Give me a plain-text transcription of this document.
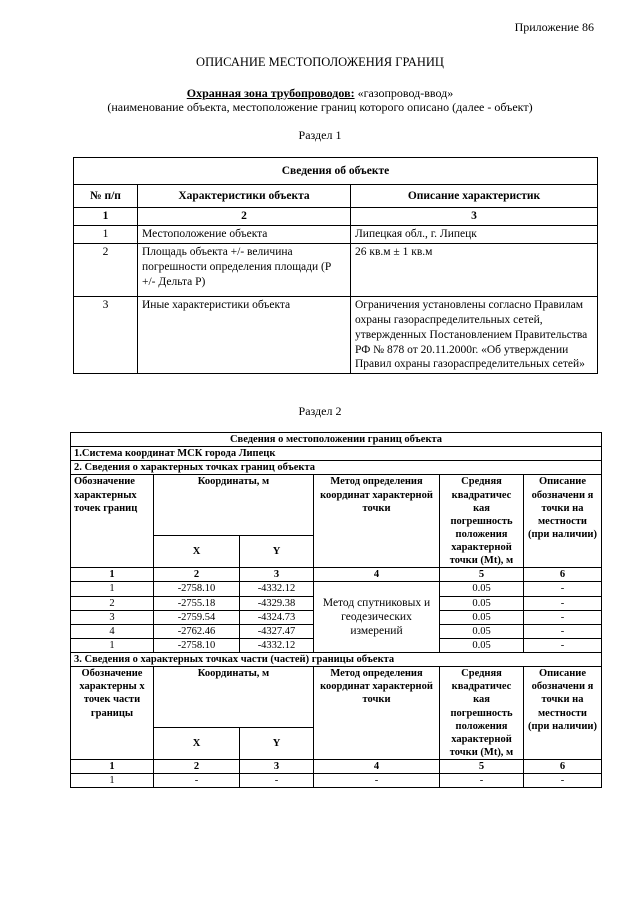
Приложение 86
ОПИСАНИЕ МЕСТОПОЛОЖЕНИЯ ГРАНИЦ
Охранная зона трубопроводов: «газопровод-ввод»
(наименование объекта, местоположение границ которого описано (далее - объект)
Раздел 1
Сведения об объекте		
№ п/п	Характеристики объекта	Описание характеристик
1	2	3
1	Местоположение объекта	Липецкая обл., г. Липецк
2	Площадь объекта +/- величина погрешности определения площади (P +/- Дельта P)	26 кв.м ± 1 кв.м
3	Иные характеристики объекта	Ограничения установлены согласно Правилам охраны газораспределительных сетей, утвержденных Постановлением Правительства РФ № 878 от 20.11.2000г. «Об утверждении Правил охраны газораспределительных сетей»
Раздел 2
Сведения о местоположении границ объекта					
1.Система координат МСК города Липецк					
2. Сведения о характерных точках границ объекта					
Обозначение характерных точек границ	Координаты, м		Метод определения координат характерной точки	Средняя квадратичес кая погрешность положения характерной точки (Mt), м	Описание обозначени я точки на местности (при наличии)
	X	Y			
1	2	3	4	5	6
1	-2758.10	-4332.12	Метод спутниковых и геодезических измерений	0.05	-
2	-2755.18	-4329.38		0.05	-
3	-2759.54	-4324.73		0.05	-
4	-2762.46	-4327.47		0.05	-
1	-2758.10	-4332.12		0.05	-
3. Сведения о характерных точках части (частей) границы объекта					
Обозначение характерны х точек части границы	Координаты, м		Метод определения координат характерной точки	Средняя квадратичес кая погрешность положения характерной точки (Mt), м	Описание обозначени я точки на местности (при наличии)
	X	Y			
1	2	3	4	5	6
1	-	-	-	-	-
